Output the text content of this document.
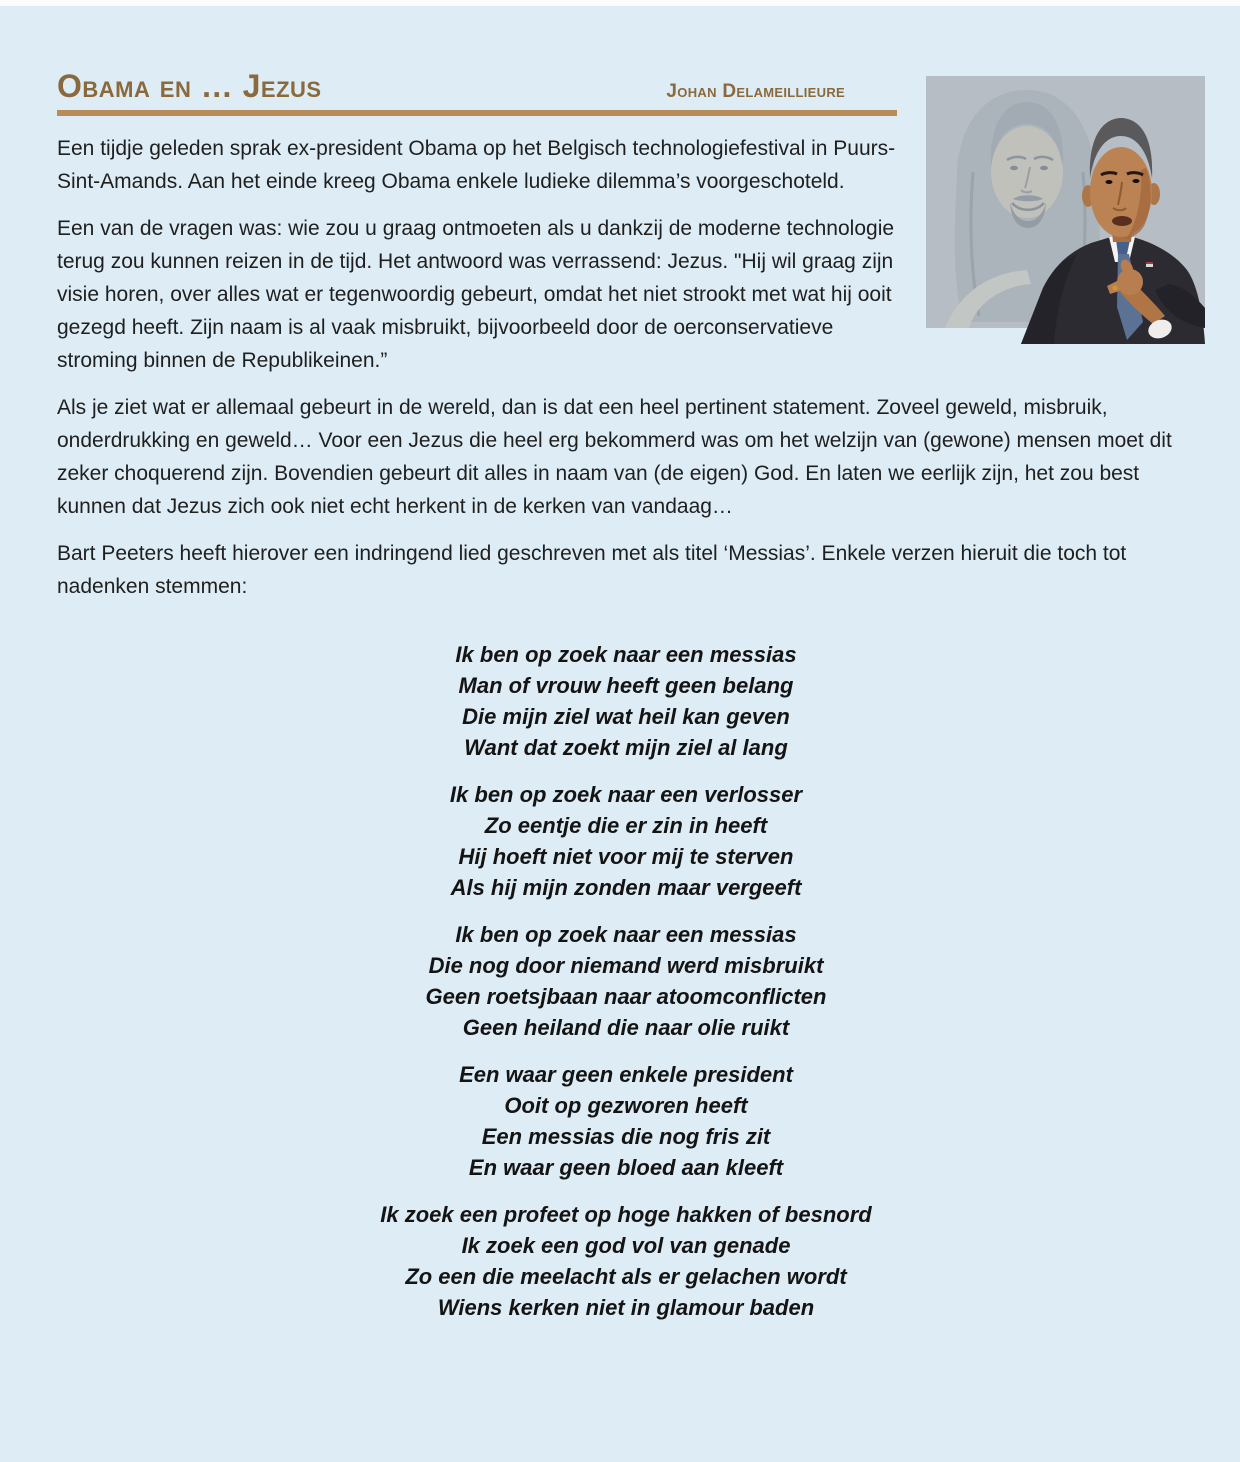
Obama en … Jezus	Johan Delameillieure

Een tijdje geleden sprak ex-president Obama op het Belgisch technologiefestival in Puurs-Sint-Amands. Aan het einde kreeg Obama enkele ludieke dilemma’s voorgeschoteld.

Een van de vragen was: wie zou u graag ontmoeten als u dankzij de moderne technologie terug zou kunnen reizen in de tijd. Het antwoord was verrassend: Jezus. "Hij wil graag zijn visie horen, over alles wat er tegenwoordig gebeurt, omdat het niet strookt met wat hij ooit gezegd heeft. Zijn naam is al vaak misbruikt, bijvoorbeeld door de oerconservatieve stroming binnen de Republikeinen.”

Als je ziet wat er allemaal gebeurt in de wereld, dan is dat een heel pertinent statement. Zoveel geweld, misbruik, onderdrukking en geweld… Voor een Jezus die heel erg bekommerd was om het welzijn van (gewone) mensen moet dit zeker choquerend zijn. Bovendien gebeurt dit alles in naam van (de eigen) God. En laten we eerlijk zijn, het zou best kunnen dat Jezus zich ook niet echt herkent in de kerken van vandaag…

Bart Peeters heeft hierover een indringend lied geschreven met als titel ‘Messias’. Enkele verzen hieruit die toch tot nadenken stemmen:

Ik ben op zoek naar een messias
Man of vrouw heeft geen belang
Die mijn ziel wat heil kan geven
Want dat zoekt mijn ziel al lang
Ik ben op zoek naar een verlosser
Zo eentje die er zin in heeft
Hij hoeft niet voor mij te sterven
Als hij mijn zonden maar vergeeft
Ik ben op zoek naar een messias
Die nog door niemand werd misbruikt
Geen roetsjbaan naar atoomconflicten
Geen heiland die naar olie ruikt
Een waar geen enkele president
Ooit op gezworen heeft
Een messias die nog fris zit
En waar geen bloed aan kleeft
Ik zoek een profeet op hoge hakken of besnord
Ik zoek een god vol van genade
Zo een die meelacht als er gelachen wordt
Wiens kerken niet in glamour baden
